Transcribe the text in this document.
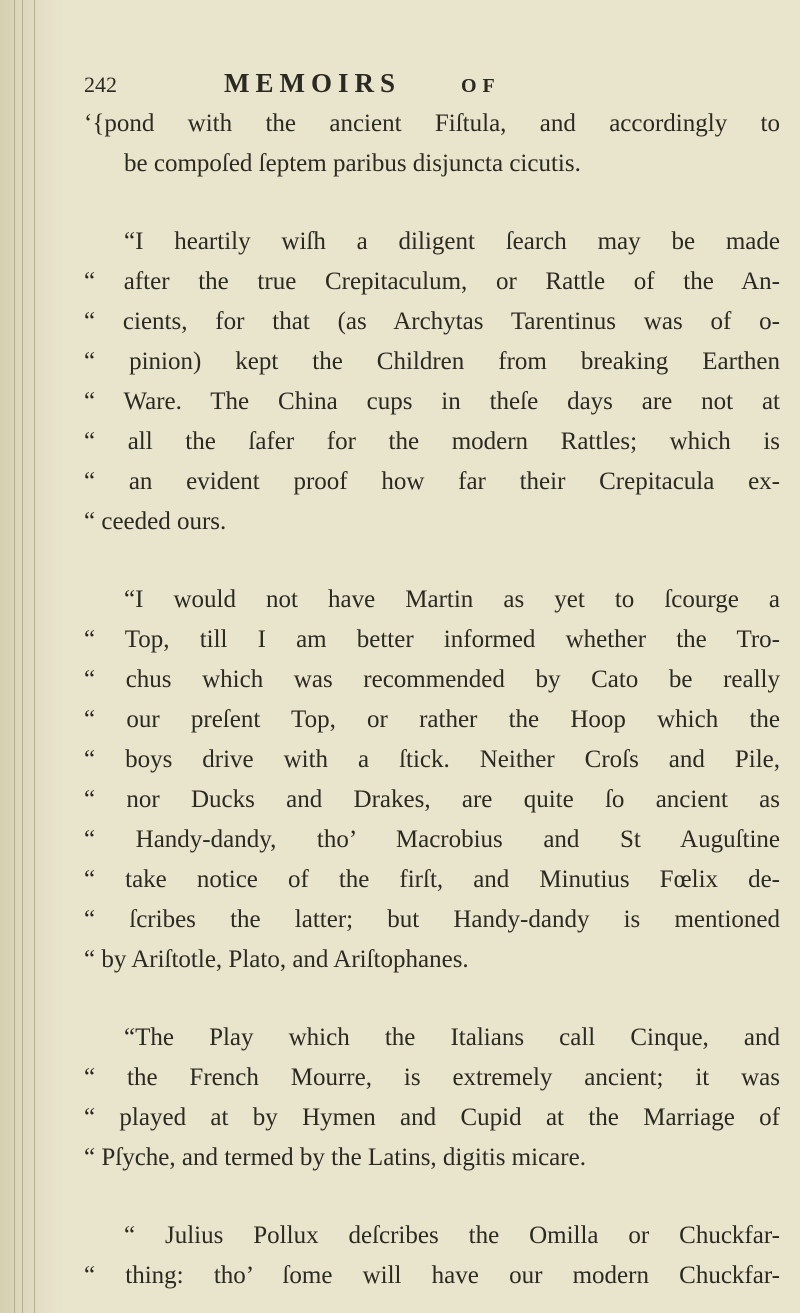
242	MEMOIRS	OF

‘{pond with the ancient Fiſtula, and accordingly to
be compoſed ſeptem paribus disjuncta cicutis.

“I heartily wiſh a diligent ſearch may be made
“ after the true Crepitaculum, or Rattle of the An-
“ cients, for that (as Archytas Tarentinus was of o-
“ pinion) kept the Children from breaking Earthen
“ Ware. The China cups in theſe days are not at
“ all the ſafer for the modern Rattles; which is
“ an evident proof how far their Crepitacula ex-
“ ceeded ours.

“I would not have Martin as yet to ſcourge a
“ Top, till I am better informed whether the Tro-
“ chus which was recommended by Cato be really
“ our preſent Top, or rather the Hoop which the
“ boys drive with a ſtick. Neither Croſs and Pile,
“ nor Ducks and Drakes, are quite ſo ancient as
“ Handy-dandy, tho’ Macrobius and St Auguſtine
“ take notice of the firſt, and Minutius Fœlix de-
“ ſcribes the latter; but Handy-dandy is mentioned
“ by Ariſtotle, Plato, and Ariſtophanes.

“The Play which the Italians call Cinque, and
“ the French Mourre, is extremely ancient; it was
“ played at by Hymen and Cupid at the Marriage of
“ Pſyche, and termed by the Latins, digitis micare.

“ Julius Pollux deſcribes the Omilla or Chuckfar-
“ thing: tho’ ſome will have our modern Chuckfar-
